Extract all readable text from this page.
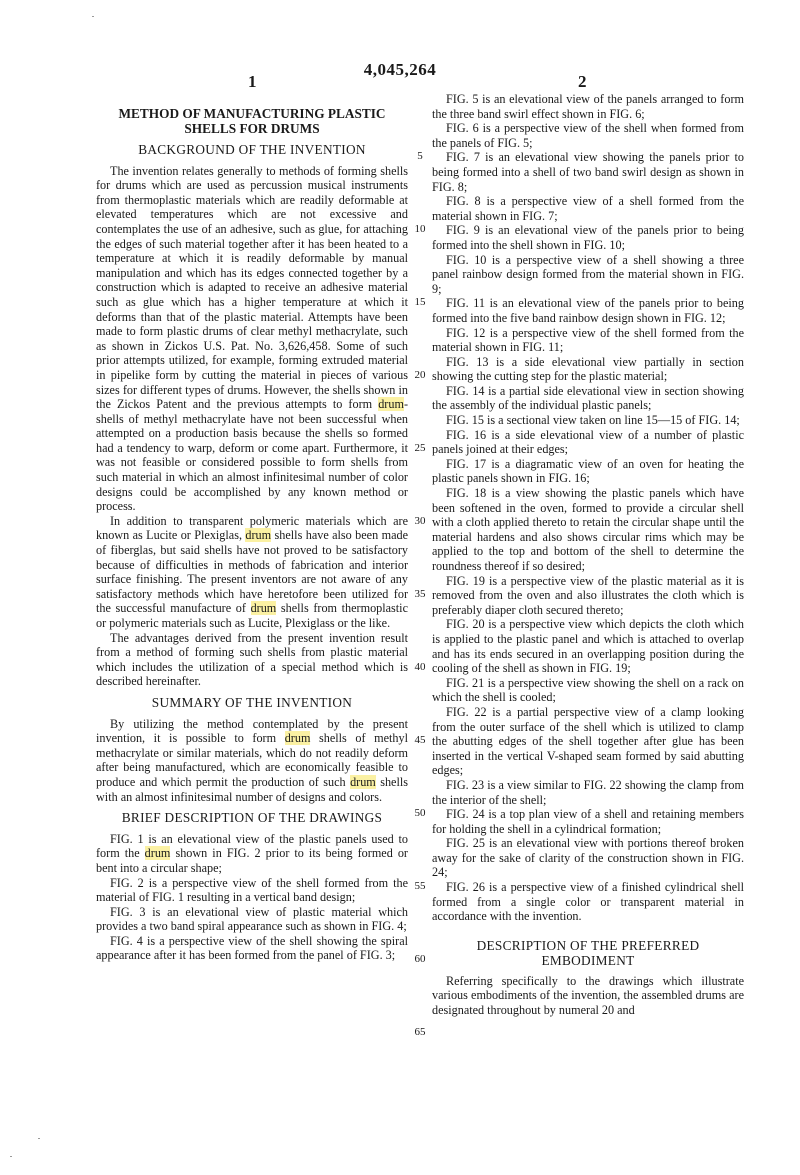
4,045,264
1	2
METHOD OF MANUFACTURING PLASTIC SHELLS FOR DRUMS
BACKGROUND OF THE INVENTION

The invention relates generally to methods of forming shells for drums which are used as percussion musical instruments from thermoplastic materials which are readily deformable at elevated temperatures which are not excessive and contemplates the use of an adhesive, such as glue, for attaching the edges of such material together after it has been heated to a temperature at which it is readily deformable by manual manipulation and which has its edges connected together by a construction which is adapted to receive an adhesive material such as glue which has a higher temperature at which it deforms than that of the plastic material. Attempts have been made to form plastic drums of clear methyl methacrylate, such as shown in Zickos U.S. Pat. No. 3,626,458. Some of such prior attempts utilized, for example, forming extruded material in pipelike form by cutting the material in pieces of various sizes for different types of drums. However, the shells shown in the Zickos Patent and the previous attempts to form drum-shells of methyl methacrylate have not been successful when attempted on a production basis because the shells so formed had a tendency to warp, deform or come apart. Furthermore, it was not feasible or considered possible to form shells from such material in which an almost infinitesimal number of color designs could be accomplished by any known method or process.

In addition to transparent polymeric materials which are known as Lucite or Plexiglas, drum shells have also been made of fiberglas, but said shells have not proved to be satisfactory because of difficulties in methods of fabrication and interior surface finishing. The present inventors are not aware of any satisfactory methods which have heretofore been utilized for the successful manufacture of drum shells from thermoplastic or polymeric materials such as Lucite, Plexiglass or the like.

The advantages derived from the present invention result from a method of forming such shells from plastic material which includes the utilization of a special method which is described hereinafter.

SUMMARY OF THE INVENTION

By utilizing the method contemplated by the present invention, it is possible to form drum shells of methyl methacrylate or similar materials, which do not readily deform after being manufactured, which are economically feasible to produce and which permit the production of such drum shells with an almost infinitesimal number of designs and colors.

BRIEF DESCRIPTION OF THE DRAWINGS

FIG. 1 is an elevational view of the plastic panels used to form the drum shown in FIG. 2 prior to its being formed or bent into a circular shape;

FIG. 2 is a perspective view of the shell formed from the material of FIG. 1 resulting in a vertical band design;

FIG. 3 is an elevational view of plastic material which provides a two band spiral appearance such as shown in FIG. 4;

FIG. 4 is a perspective view of the shell showing the spiral appearance after it has been formed from the panel of FIG. 3;

FIG. 5 is an elevational view of the panels arranged to form the three band swirl effect shown in FIG. 6;

FIG. 6 is a perspective view of the shell when formed from the panels of FIG. 5;

FIG. 7 is an elevational view showing the panels prior to being formed into a shell of two band swirl design as shown in FIG. 8;

FIG. 8 is a perspective view of a shell formed from the material shown in FIG. 7;

FIG. 9 is an elevational view of the panels prior to being formed into the shell shown in FIG. 10;

FIG. 10 is a perspective view of a shell showing a three panel rainbow design formed from the material shown in FIG. 9;

FIG. 11 is an elevational view of the panels prior to being formed into the five band rainbow design shown in FIG. 12;

FIG. 12 is a perspective view of the shell formed from the material shown in FIG. 11;

FIG. 13 is a side elevational view partially in section showing the cutting step for the plastic material;

FIG. 14 is a partial side elevational view in section showing the assembly of the individual plastic panels;

FIG. 15 is a sectional view taken on line 15—15 of FIG. 14;

FIG. 16 is a side elevational view of a number of plastic panels joined at their edges;

FIG. 17 is a diagramatic view of an oven for heating the plastic panels shown in FIG. 16;

FIG. 18 is a view showing the plastic panels which have been softened in the oven, formed to provide a circular shell with a cloth applied thereto to retain the circular shape until the material hardens and also shows circular rims which may be applied to the top and bottom of the shell to determine the roundness thereof if so desired;

FIG. 19 is a perspective view of the plastic material as it is removed from the oven and also illustrates the cloth which is preferably diaper cloth secured thereto;

FIG. 20 is a perspective view which depicts the cloth which is applied to the plastic panel and which is attached to overlap and has its ends secured in an overlapping position during the cooling of the shell as shown in FIG. 19;

FIG. 21 is a perspective view showing the shell on a rack on which the shell is cooled;

FIG. 22 is a partial perspective view of a clamp looking from the outer surface of the shell which is utilized to clamp the abutting edges of the shell together after glue has been inserted in the vertical V-shaped seam formed by said abutting edges;

FIG. 23 is a view similar to FIG. 22 showing the clamp from the interior of the shell;

FIG. 24 is a top plan view of a shell and retaining members for holding the shell in a cylindrical formation;

FIG. 25 is an elevational view with portions thereof broken away for the sake of clarity of the construction shown in FIG. 24;

FIG. 26 is a perspective view of a finished cylindrical shell formed from a single color or transparent material in accordance with the invention.

DESCRIPTION OF THE PREFERRED EMBODIMENT

Referring specifically to the drawings which illustrate various embodiments of the invention, the assembled drums are designated throughout by numeral 20 and

5
10
15
20
25
30
35
40
45
50
55
60
65
